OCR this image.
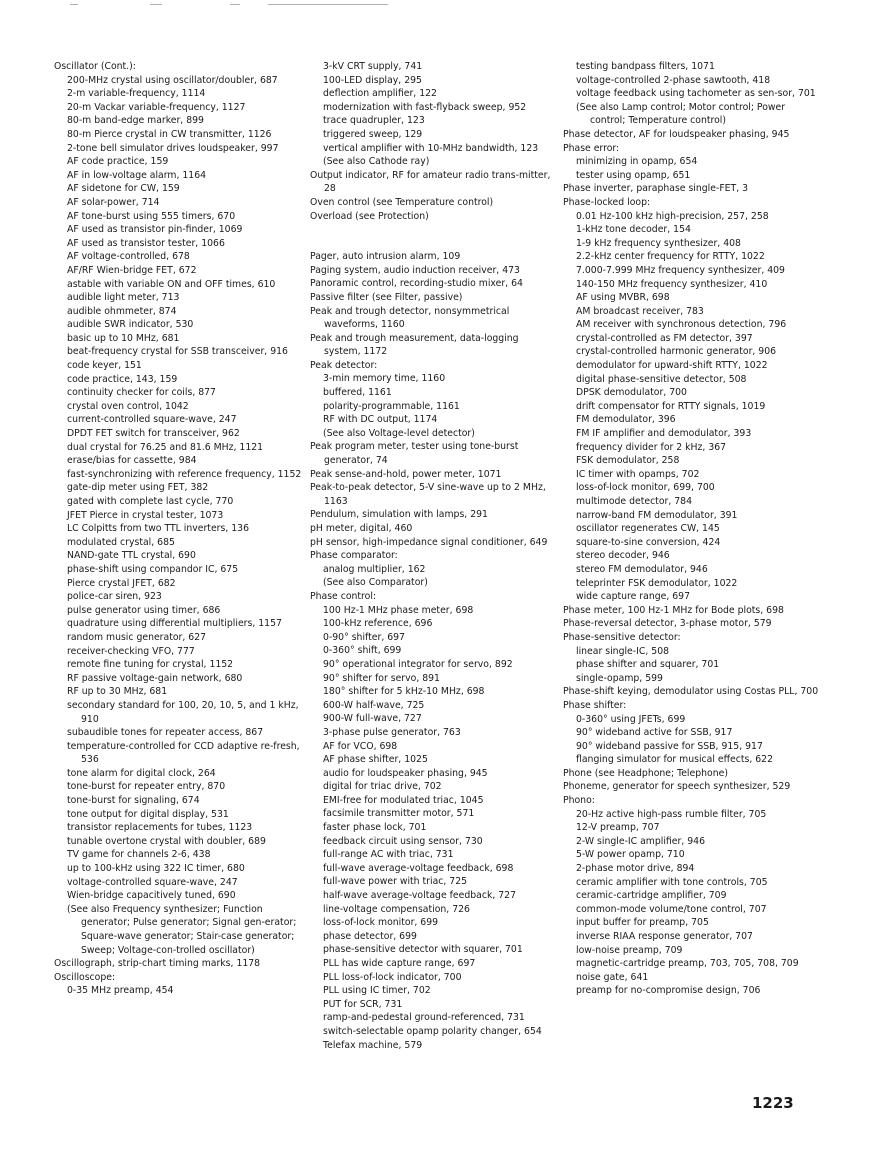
Oscillator (Cont.):
200-MHz crystal using oscillator/doubler, 687
2-m variable-frequency, 1114
20-m Vackar variable-frequency, 1127
80-m band-edge marker, 899
80-m Pierce crystal in CW transmitter, 1126
2-tone bell simulator drives loudspeaker, 997
AF code practice, 159
AF in low-voltage alarm, 1164
AF sidetone for CW, 159
AF solar-power, 714
AF tone-burst using 555 timers, 670
AF used as transistor pin-finder, 1069
AF used as transistor tester, 1066
AF voltage-controlled, 678
AF/RF Wien-bridge FET, 672
astable with variable ON and OFF times, 610
audible light meter, 713
audible ohmmeter, 874
audible SWR indicator, 530
basic up to 10 MHz, 681
beat-frequency crystal for SSB transceiver, 916
code keyer, 151
code practice, 143, 159
continuity checker for coils, 877
crystal oven control, 1042
current-controlled square-wave, 247
DPDT FET switch for transceiver, 962
dual crystal for 76.25 and 81.6 MHz, 1121
erase/bias for cassette, 984
fast-synchronizing with reference frequency, 1152
gate-dip meter using FET, 382
gated with complete last cycle, 770
JFET Pierce in crystal tester, 1073
LC Colpitts from two TTL inverters, 136
modulated crystal, 685
NAND-gate TTL crystal, 690
phase-shift using compandor IC, 675
Pierce crystal JFET, 682
police-car siren, 923
pulse generator using timer, 686
quadrature using differential multipliers, 1157
random music generator, 627
receiver-checking VFO, 777
remote fine tuning for crystal, 1152
RF passive voltage-gain network, 680
RF up to 30 MHz, 681
secondary standard for 100, 20, 10, 5, and 1 kHz, 910
subaudible tones for repeater access, 867
temperature-controlled for CCD adaptive re-fresh, 536
tone alarm for digital clock, 264
tone-burst for repeater entry, 870
tone-burst for signaling, 674
tone output for digital display, 531
transistor replacements for tubes, 1123
tunable overtone crystal with doubler, 689
TV game for channels 2-6, 438
up to 100-kHz using 322 IC timer, 680
voltage-controlled square-wave, 247
Wien-bridge capacitively tuned, 690
(See also Frequency synthesizer; Function generator; Pulse generator; Signal gen-erator; Square-wave generator; Stair-case generator; Sweep; Voltage-con-trolled oscillator)
Oscillograph, strip-chart timing marks, 1178
Oscilloscope:
0-35 MHz preamp, 454
3-kV CRT supply, 741
100-LED display, 295
deflection amplifier, 122
modernization with fast-flyback sweep, 952
trace quadrupler, 123
triggered sweep, 129
vertical amplifier with 10-MHz bandwidth, 123
(See also Cathode ray)
Output indicator, RF for amateur radio trans-mitter, 28
Oven control (see Temperature control)
Overload (see Protection)
Pager, auto intrusion alarm, 109
Paging system, audio induction receiver, 473
Panoramic control, recording-studio mixer, 64
Passive filter (see Filter, passive)
Peak and trough detector, nonsymmetrical waveforms, 1160
Peak and trough measurement, data-logging system, 1172
Peak detector:
3-min memory time, 1160
buffered, 1161
polarity-programmable, 1161
RF with DC output, 1174
(See also Voltage-level detector)
Peak program meter, tester using tone-burst generator, 74
Peak sense-and-hold, power meter, 1071
Peak-to-peak detector, 5-V sine-wave up to 2 MHz, 1163
Pendulum, simulation with lamps, 291
pH meter, digital, 460
pH sensor, high-impedance signal conditioner, 649
Phase comparator:
analog multiplier, 162
(See also Comparator)
Phase control:
100 Hz-1 MHz phase meter, 698
100-kHz reference, 696
0-90° shifter, 697
0-360° shift, 699
90° operational integrator for servo, 892
90° shifter for servo, 891
180° shifter for 5 kHz-10 MHz, 698
600-W half-wave, 725
900-W full-wave, 727
3-phase pulse generator, 763
AF for VCO, 698
AF phase shifter, 1025
audio for loudspeaker phasing, 945
digital for triac drive, 702
EMI-free for modulated triac, 1045
facsimile transmitter motor, 571
faster phase lock, 701
feedback circuit using sensor, 730
full-range AC with triac, 731
full-wave average-voltage feedback, 698
full-wave power with triac, 725
half-wave average-voltage feedback, 727
line-voltage compensation, 726
loss-of-lock monitor, 699
phase detector, 699
phase-sensitive detector with squarer, 701
PLL has wide capture range, 697
PLL loss-of-lock indicator, 700
PLL using IC timer, 702
PUT for SCR, 731
ramp-and-pedestal ground-referenced, 731
switch-selectable opamp polarity changer, 654
Telefax machine, 579
testing bandpass filters, 1071
voltage-controlled 2-phase sawtooth, 418
voltage feedback using tachometer as sen-sor, 701
(See also Lamp control; Motor control; Power control; Temperature control)
Phase detector, AF for loudspeaker phasing, 945
Phase error:
minimizing in opamp, 654
tester using opamp, 651
Phase inverter, paraphase single-FET, 3
Phase-locked loop:
0.01 Hz-100 kHz high-precision, 257, 258
1-kHz tone decoder, 154
1-9 kHz frequency synthesizer, 408
2.2-kHz center frequency for RTTY, 1022
7.000-7.999 MHz frequency synthesizer, 409
140-150 MHz frequency synthesizer, 410
AF using MVBR, 698
AM broadcast receiver, 783
AM receiver with synchronous detection, 796
crystal-controlled as FM detector, 397
crystal-controlled harmonic generator, 906
demodulator for upward-shift RTTY, 1022
digital phase-sensitive detector, 508
DPSK demodulator, 700
drift compensator for RTTY signals, 1019
FM demodulator, 396
FM IF amplifier and demodulator, 393
frequency divider for 2 kHz, 367
FSK demodulator, 258
IC timer with opamps, 702
loss-of-lock monitor, 699, 700
multimode detector, 784
narrow-band FM demodulator, 391
oscillator regenerates CW, 145
square-to-sine conversion, 424
stereo decoder, 946
stereo FM demodulator, 946
teleprinter FSK demodulator, 1022
wide capture range, 697
Phase meter, 100 Hz-1 MHz for Bode plots, 698
Phase-reversal detector, 3-phase motor, 579
Phase-sensitive detector:
linear single-IC, 508
phase shifter and squarer, 701
single-opamp, 599
Phase-shift keying, demodulator using Costas PLL, 700
Phase shifter:
0-360° using JFETs, 699
90° wideband active for SSB, 917
90° wideband passive for SSB, 915, 917
flanging simulator for musical effects, 622
Phone (see Headphone; Telephone)
Phoneme, generator for speech synthesizer, 529
Phono:
20-Hz active high-pass rumble filter, 705
12-V preamp, 707
2-W single-IC amplifier, 946
5-W power opamp, 710
2-phase motor drive, 894
ceramic amplifier with tone controls, 705
ceramic-cartridge amplifier, 709
common-mode volume/tone control, 707
input buffer for preamp, 705
inverse RIAA response generator, 707
low-noise preamp, 709
magnetic-cartridge preamp, 703, 705, 708, 709
noise gate, 641
preamp for no-compromise design, 706
1223
